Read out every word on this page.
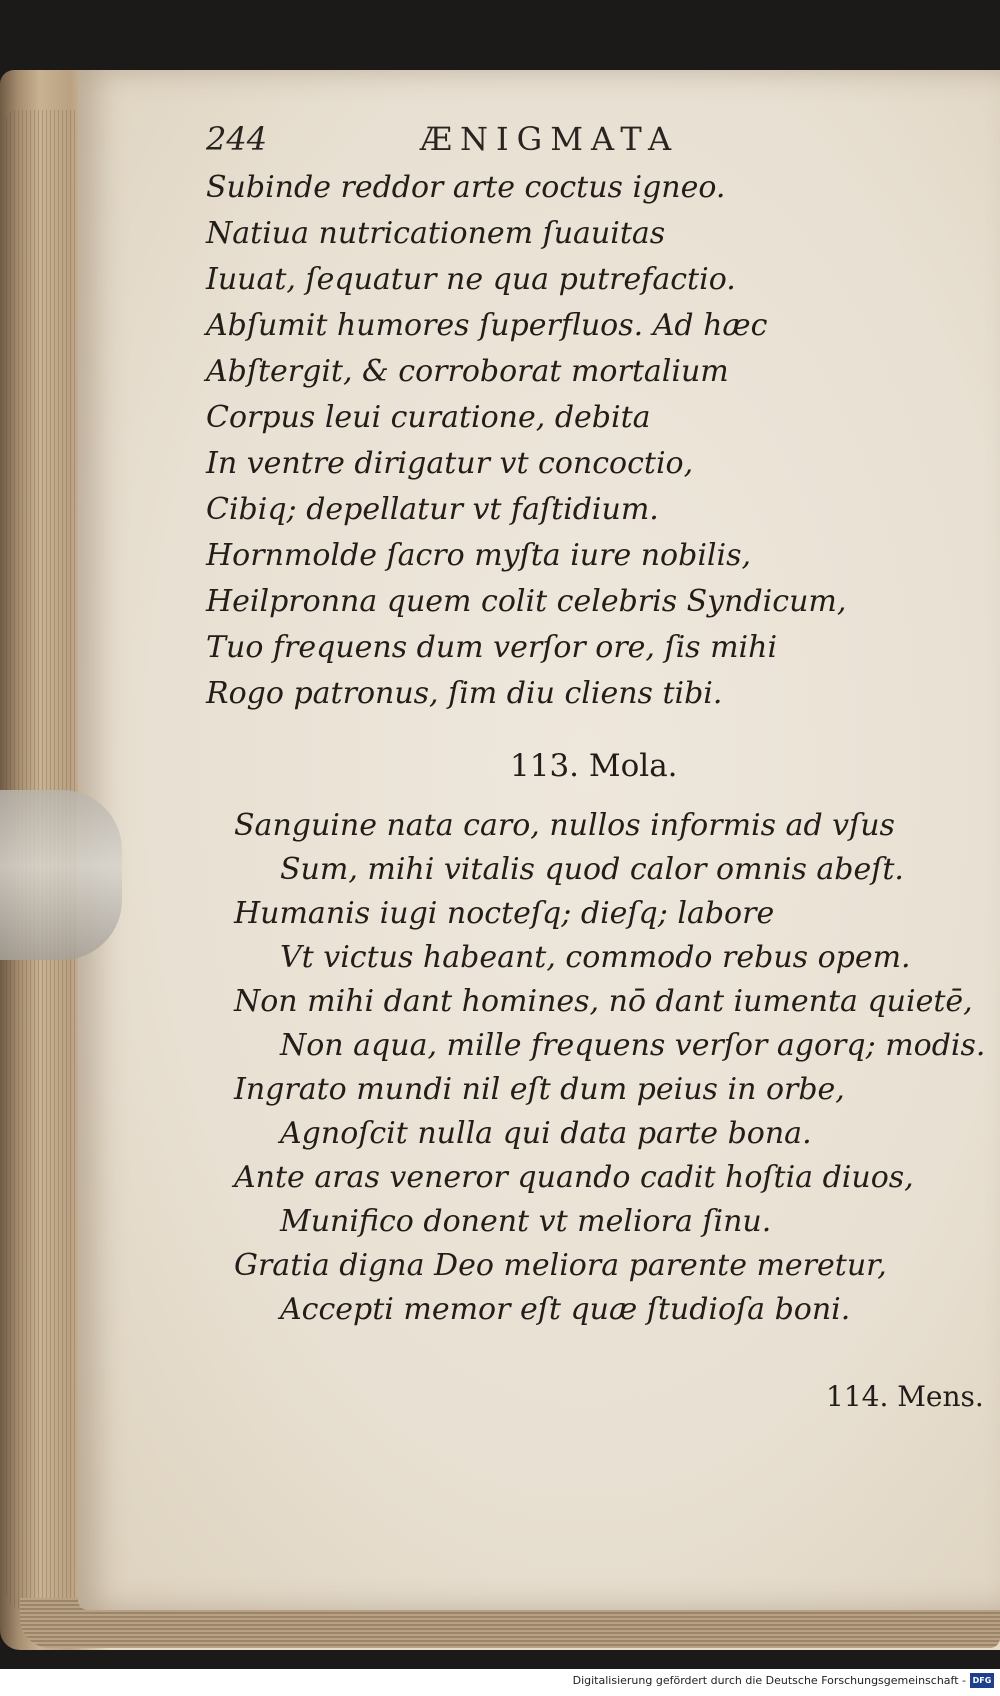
244	ÆNIGMATA
Subinde reddor arte coctus igneo.
Natiua nutricationem ſuauitas
Iuuat, ſequatur ne qua putrefactio.
Abſumit humores ſuperfluos. Ad hæc
Abſtergit, & corroborat mortalium
Corpus leui curatione, debita
In ventre dirigatur vt concoctio,
Cibiq; depellatur vt faſtidium.
Hornmolde ſacro myſta iure nobilis,
Heilpronna quem colit celebris Syndicum,
Tuo frequens dum verſor ore, ſis mihi
Rogo patronus, ſim diu cliens tibi.
113. Mola.
Sanguine nata caro, nullos informis ad vſus
Sum, mihi vitalis quod calor omnis abeſt.
Humanis iugi nocteſq; dieſq; labore
Vt victus habeant, commodo rebus opem.
Non mihi dant homines, nō dant iumenta quietē,
Non aqua, mille frequens verſor agorq; modis.
Ingrato mundi nil eſt dum peius in orbe,
Agnoſcit nulla qui data parte bona.
Ante aras veneror quando cadit hoſtia diuos,
Munifico donent vt meliora ſinu.
Gratia digna Deo meliora parente meretur,
Accepti memor eſt quæ ſtudioſa boni.
114. Mens.
Digitalisierung gefördert durch die Deutsche Forschungsgemeinschaft - DFG
